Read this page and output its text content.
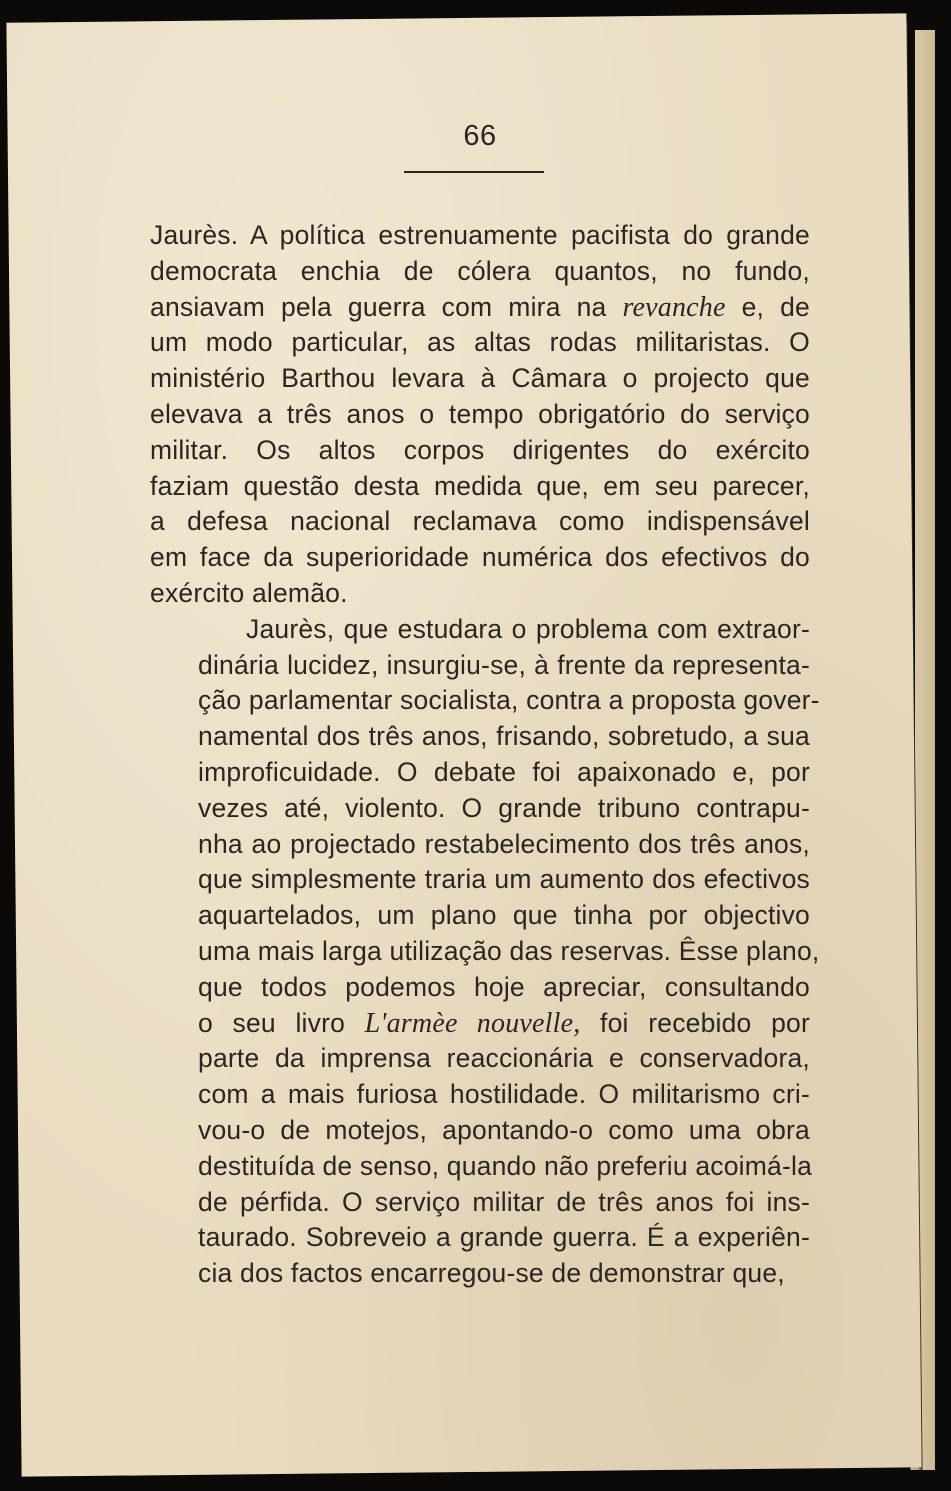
66
Jaurès. A política estrenuamente pacifista do grande
democrata enchia de cólera quantos, no fundo,
ansiavam pela guerra com mira na revanche e, de
um modo particular, as altas rodas militaristas. O
ministério Barthou levara à Câmara o projecto que
elevava a três anos o tempo obrigatório do serviço
militar. Os altos corpos dirigentes do exército
faziam questão desta medida que, em seu parecer,
a defesa nacional reclamava como indispensável
em face da superioridade numérica dos efectivos do
exército alemão.
Jaurès, que estudara o problema com extraor-
dinária lucidez, insurgiu-se, à frente da representa-
ção parlamentar socialista, contra a proposta gover-
namental dos três anos, frisando, sobretudo, a sua
improficuidade. O debate foi apaixonado e, por
vezes até, violento. O grande tribuno contrapu-
nha ao projectado restabelecimento dos três anos,
que simplesmente traria um aumento dos efectivos
aquartelados, um plano que tinha por objectivo
uma mais larga utilização das reservas. Êsse plano,
que todos podemos hoje apreciar, consultando
o seu livro L'armèe nouvelle, foi recebido por
parte da imprensa reaccionária e conservadora,
com a mais furiosa hostilidade. O militarismo cri-
vou-o de motejos, apontando-o como uma obra
destituída de senso, quando não preferiu acoimá-la
de pérfida. O serviço militar de três anos foi ins-
taurado. Sobreveio a grande guerra. É a experiên-
cia dos factos encarregou-se de demonstrar que,
